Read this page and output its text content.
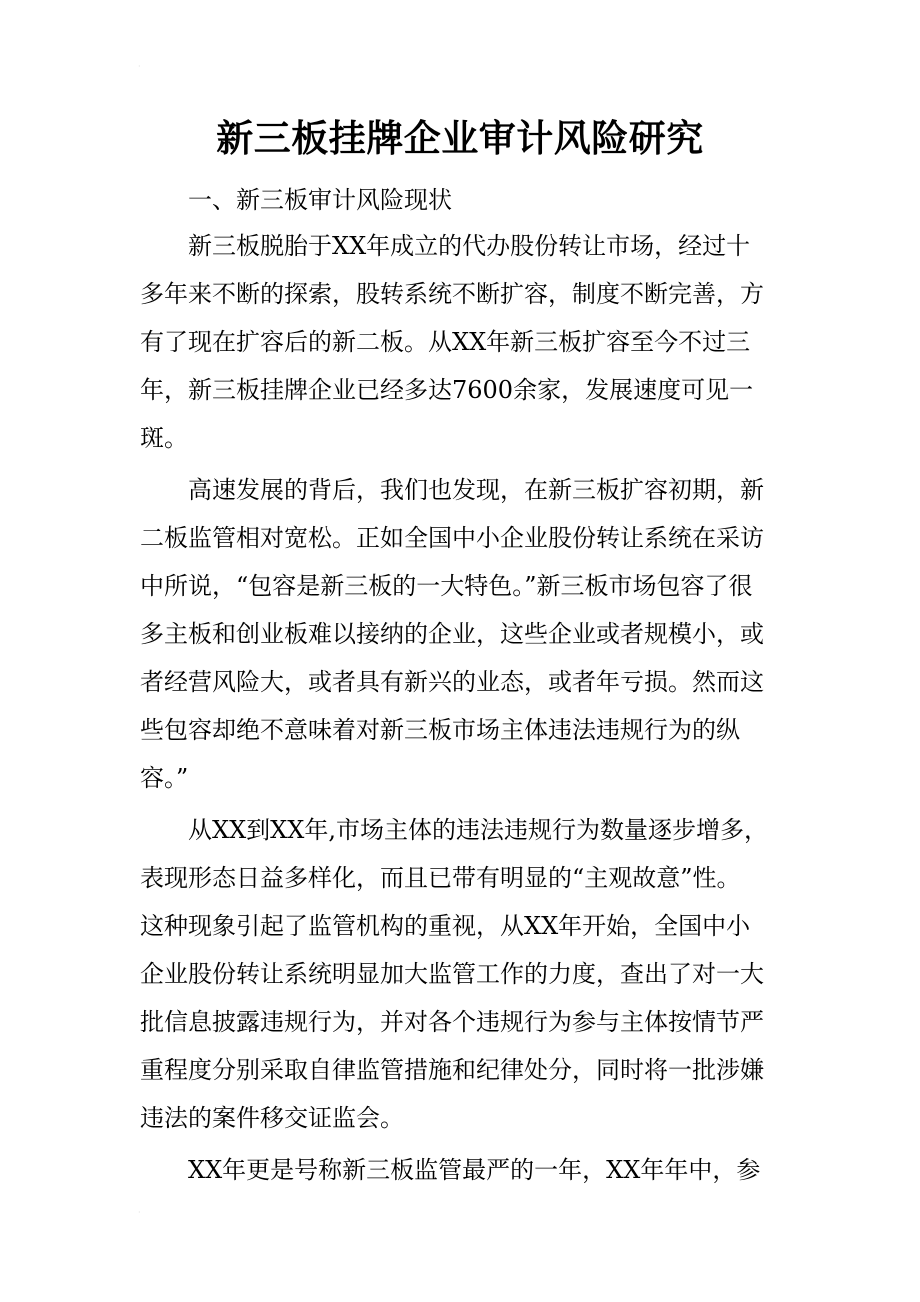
·
·
新三板挂牌企业审计风险研究
一、新三板审计风险现状
新三板脱胎于XX年成立的代办股份转让市场，经过十
多年来不断的探索，股转系统不断扩容，制度不断完善，方
有了现在扩容后的新二板。从XX年新三板扩容至今不过三
年，新三板挂牌企业已经多达7600余家，发展速度可见一
斑。
高速发展的背后，我们也发现，在新三板扩容初期，新
二板监管相对宽松。正如全国中小企业股份转让系统在采访
中所说，“包容是新三板的一大特色。”新三板市场包容了很
多主板和创业板难以接纳的企业，这些企业或者规模小，或
者经营风险大，或者具有新兴的业态，或者年亏损。然而这
些包容却绝不意味着对新三板市场主体违法违规行为的纵
容。”
从XX到XX年,市场主体的违法违规行为数量逐步增多，
表现形态日益多样化，而且已带有明显的“主观故意”性。
这种现象引起了监管机构的重视，从XX年开始，全国中小
企业股份转让系统明显加大监管工作的力度，查出了对一大
批信息披露违规行为，并对各个违规行为参与主体按情节严
重程度分别采取自律监管措施和纪律处分，同时将一批涉嫌
违法的案件移交证监会。
XX年更是号称新三板监管最严的一年，XX年年中，参
